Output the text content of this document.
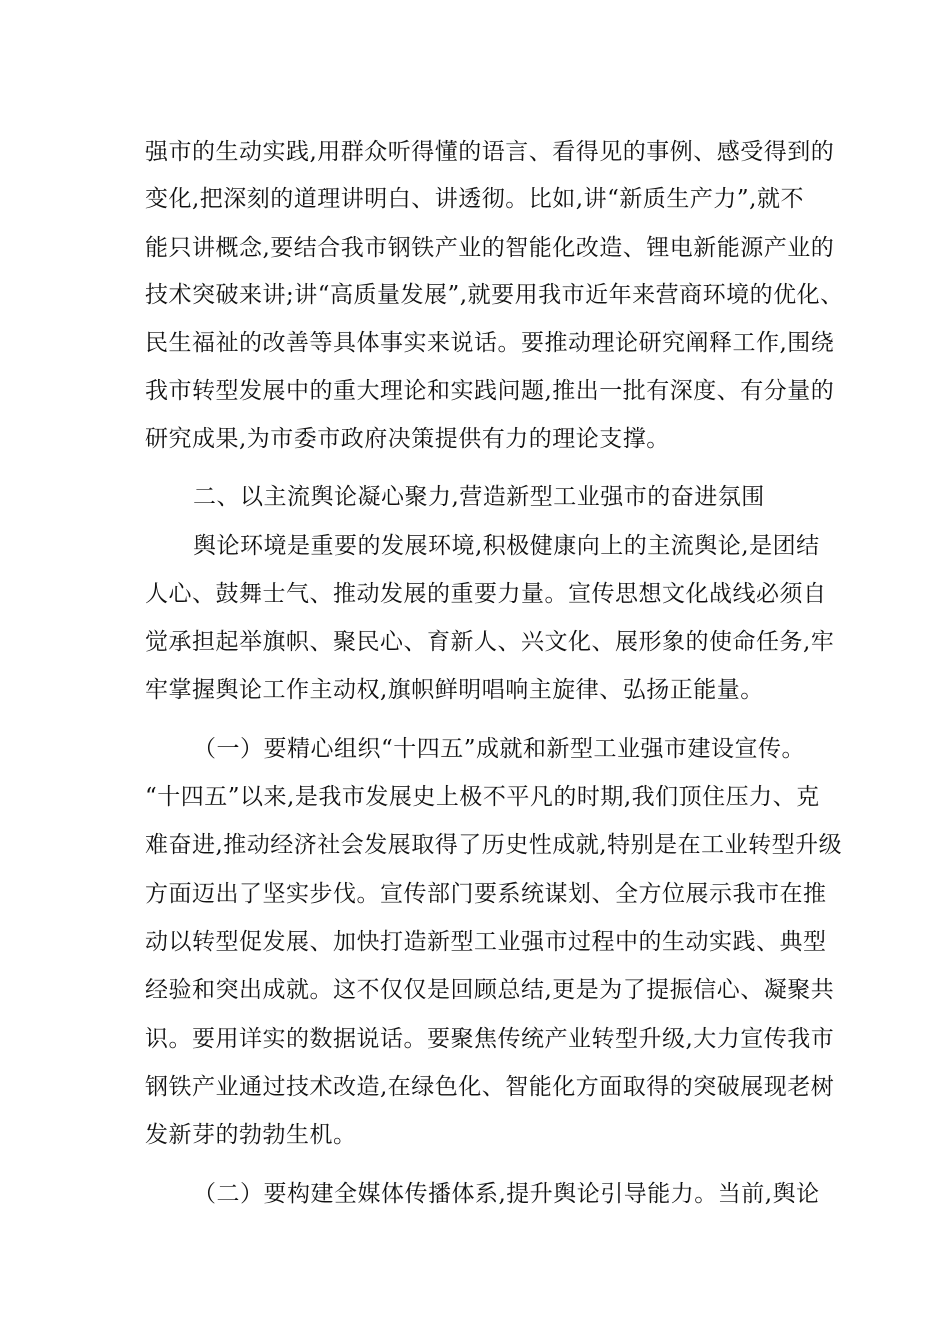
强市的生动实践,用群众听得懂的语言、看得见的事例、感受得到的
变化,把深刻的道理讲明白、讲透彻。比如,讲“新质生产力”,就不
能只讲概念,要结合我市钢铁产业的智能化改造、锂电新能源产业的
技术突破来讲;讲“高质量发展”,就要用我市近年来营商环境的优化、
民生福祉的改善等具体事实来说话。要推动理论研究阐释工作,围绕
我市转型发展中的重大理论和实践问题,推出一批有深度、有分量的
研究成果,为市委市政府决策提供有力的理论支撑。
二、以主流舆论凝心聚力,营造新型工业强市的奋进氛围
舆论环境是重要的发展环境,积极健康向上的主流舆论,是团结
人心、鼓舞士气、推动发展的重要力量。宣传思想文化战线必须自
觉承担起举旗帜、聚民心、育新人、兴文化、展形象的使命任务,牢
牢掌握舆论工作主动权,旗帜鲜明唱响主旋律、弘扬正能量。
（一）要精心组织“十四五”成就和新型工业强市建设宣传。
“十四五”以来,是我市发展史上极不平凡的时期,我们顶住压力、克
难奋进,推动经济社会发展取得了历史性成就,特别是在工业转型升级
方面迈出了坚实步伐。宣传部门要系统谋划、全方位展示我市在推
动以转型促发展、加快打造新型工业强市过程中的生动实践、典型
经验和突出成就。这不仅仅是回顾总结,更是为了提振信心、凝聚共
识。要用详实的数据说话。要聚焦传统产业转型升级,大力宣传我市
钢铁产业通过技术改造,在绿色化、智能化方面取得的突破展现老树
发新芽的勃勃生机。
（二）要构建全媒体传播体系,提升舆论引导能力。当前,舆论
